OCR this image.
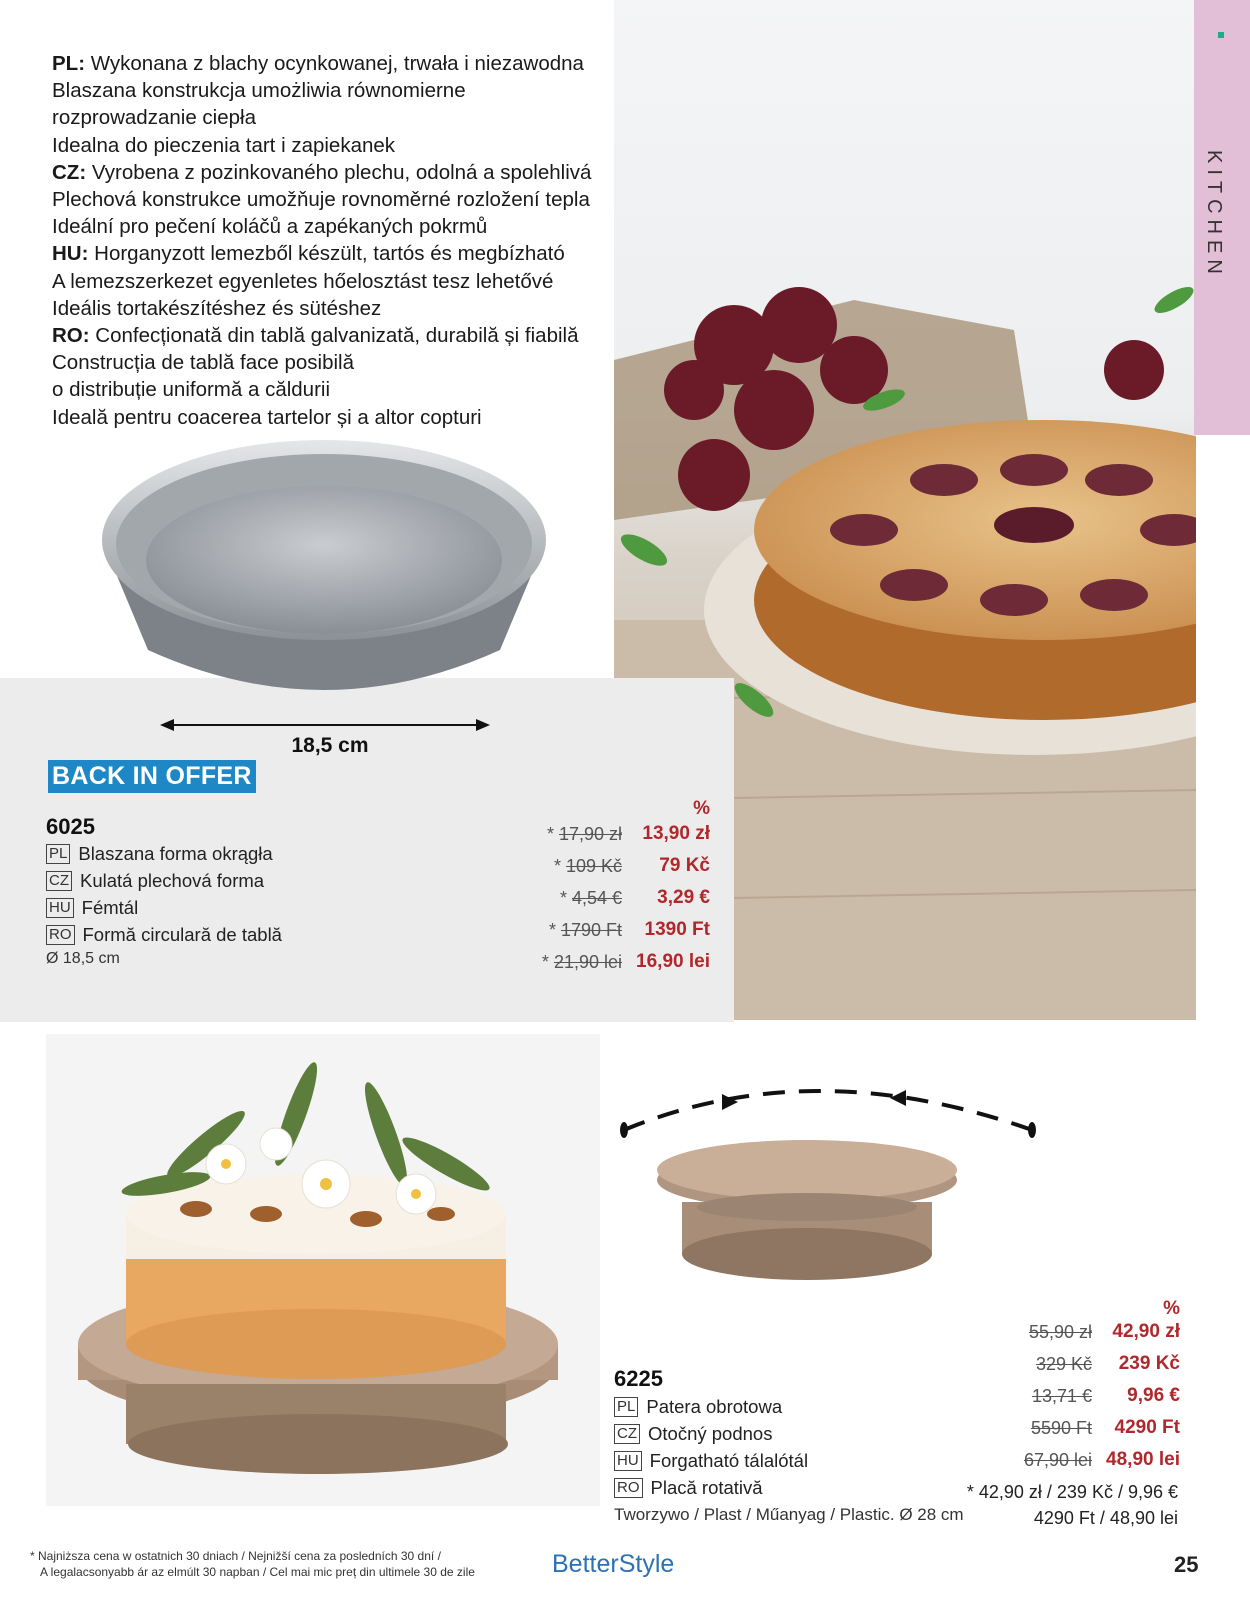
PL: Wykonana z blachy ocynkowanej, trwała i niezawodna
Blaszana konstrukcja umożliwia równomierne
rozprowadzanie ciepła
Idealna do pieczenia tart i zapiekanek
CZ: Vyrobena z pozinkovaného plechu, odolná a spolehlivá
Plechová konstrukce umožňuje rovnoměrné rozložení tepla
Ideální pro pečení koláčů a zapékaných pokrmů
HU: Horganyzott lemezből készült, tartós és megbízható
A lemezszerkezet egyenletes hőelosztást tesz lehetővé
Ideális tortakészítéshez és sütéshez
RO: Confecționată din tablă galvanizată, durabilă și fiabilă
Construcția de tablă face posibilă
o distribuție uniformă a căldurii
Ideală pentru coacerea tartelor și a altor copturi
KITCHEN
18,5 cm
BACK IN OFFER
6025
PL Blaszana forma okrągła
CZ Kulatá plechová forma
HU Fémtál
RO Formă circulară de tablă
Ø 18,5 cm
%
* 17,90 zł	13,90 zł
* 109 Kč	79 Kč
* 4,54 €	3,29 €
* 1790 Ft	1390 Ft
* 21,90 lei 16,90 lei
%
55,90 zł	42,90 zł
329 Kč	239 Kč
13,71 €	9,96 €
5590 Ft	4290 Ft
67,90 lei 48,90 lei
6225
PL Patera obrotowa
CZ Otočný podnos
HU Forgatható tálalótál
RO Placă rotativă
Tworzywo / Plast / Műanyag / Plastic. Ø 28 cm
* 42,90 zł / 239 Kč / 9,96 €
4290 Ft / 48,90 lei
* Najniższa cena w ostatnich 30 dniach / Nejnižší cena za posledních 30 dní /
A legalacsonyabb ár az elmúlt 30 napban / Cel mai mic preț din ultimele 30 de zile	BetterStyle	25
